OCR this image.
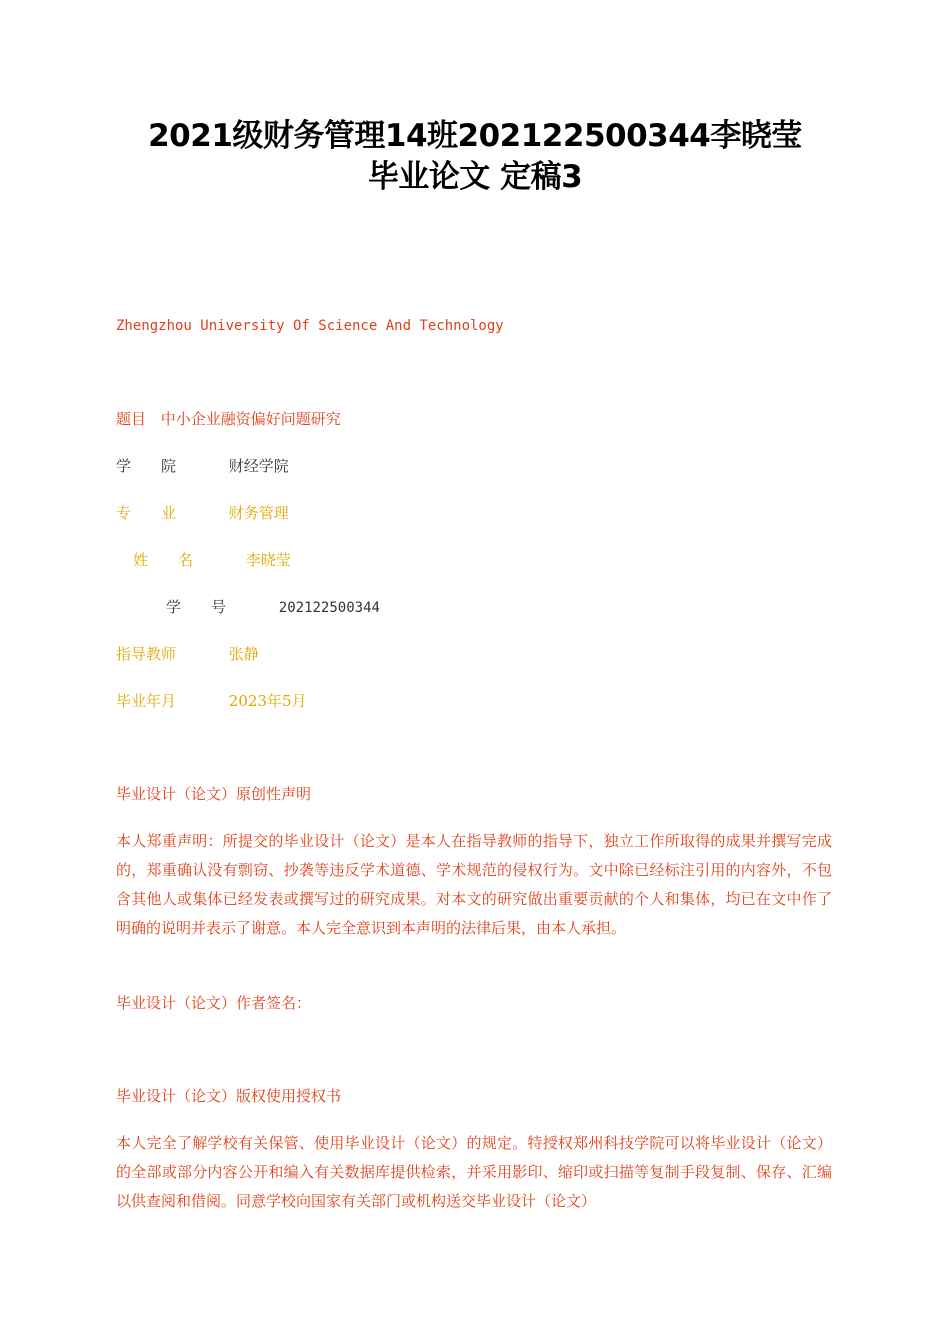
2021级财务管理14班202122500344李晓莹
毕业论文 定稿3
Zhengzhou University Of Science And Technology
题目 中小企业融资偏好问题研究
学　　院	财经学院
专　　业	财务管理
姓　　名	李晓莹
学　　号	202122500344
指导教师	张静
毕业年月	2023年5月
毕业设计（论文）原创性声明

本人郑重声明：所提交的毕业设计（论文）是本人在指导教师的指导下，独立工作所取得的成果并撰写完成的，郑重确认没有剽窃、抄袭等违反学术道德、学术规范的侵权行为。文中除已经标注引用的内容外，不包含其他人或集体已经发表或撰写过的研究成果。对本文的研究做出重要贡献的个人和集体，均已在文中作了明确的说明并表示了谢意。本人完全意识到本声明的法律后果，由本人承担。

毕业设计（论文）作者签名：
毕业设计（论文）版权使用授权书

本人完全了解学校有关保管、使用毕业设计（论文）的规定。特授权郑州科技学院可以将毕业设计（论文）的全部或部分内容公开和编入有关数据库提供检索，并采用影印、缩印或扫描等复制手段复制、保存、汇编以供查阅和借阅。同意学校向国家有关部门或机构送交毕业设计（论文）
